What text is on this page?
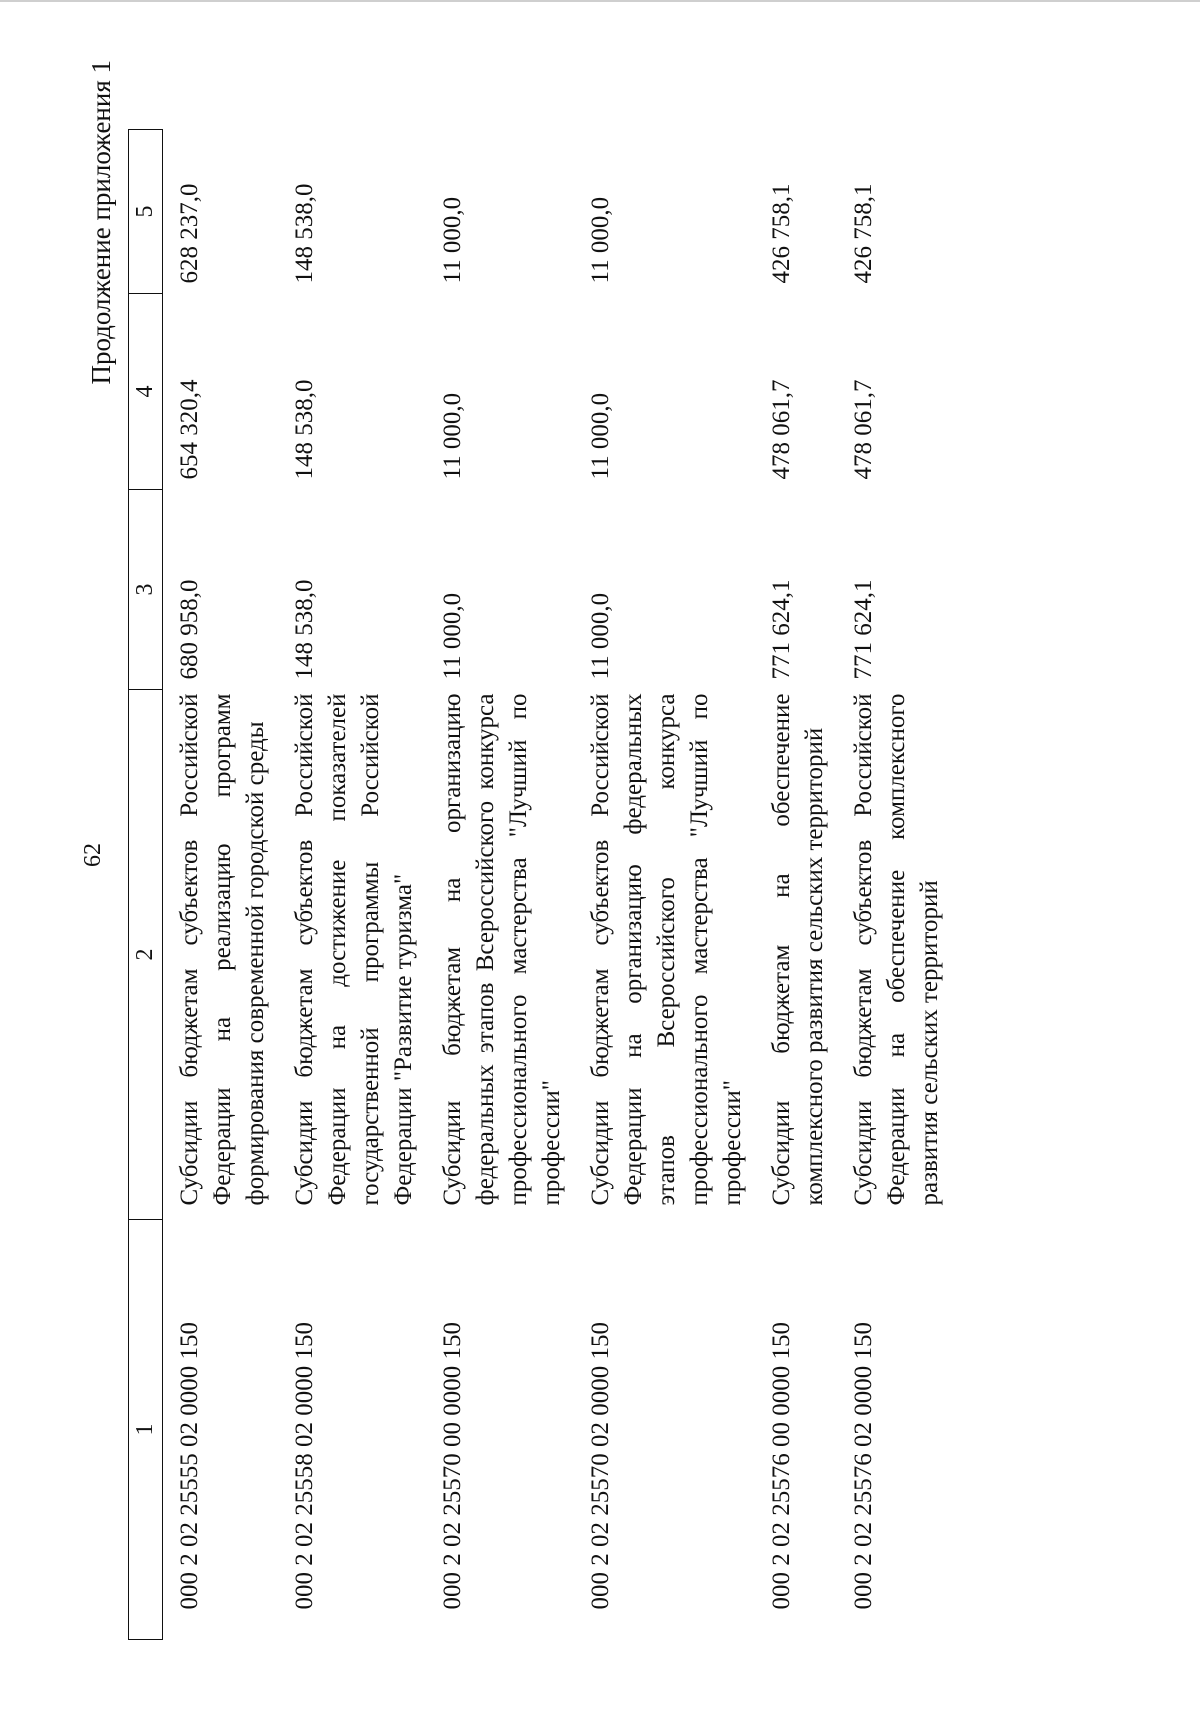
62
Продолжение приложения 1
1	2	3	4	5
000 2 02 25555 02 0000 150	Субсидии бюджетам субъектов Российской Федерации на реализацию программ формирования современной городской среды	680 958,0	654 320,4	628 237,0
000 2 02 25558 02 0000 150	Субсидии бюджетам субъектов Российской Федерации на достижение показателей государственной программы Российской Федерации "Развитие туризма"	148 538,0	148 538,0	148 538,0
000 2 02 25570 00 0000 150	Субсидии бюджетам на организацию федеральных этапов Всероссийского конкурса профессионального мастерства "Лучший по профессии"	11 000,0	11 000,0	11 000,0
000 2 02 25570 02 0000 150	Субсидии бюджетам субъектов Российской Федерации на организацию федеральных этапов Всероссийского конкурса профессионального мастерства "Лучший по профессии"	11 000,0	11 000,0	11 000,0
000 2 02 25576 00 0000 150	Субсидии бюджетам на обеспечение комплексного развития сельских территорий	771 624,1	478 061,7	426 758,1
000 2 02 25576 02 0000 150	Субсидии бюджетам субъектов Российской Федерации на обеспечение комплексного развития сельских территорий	771 624,1	478 061,7	426 758,1
